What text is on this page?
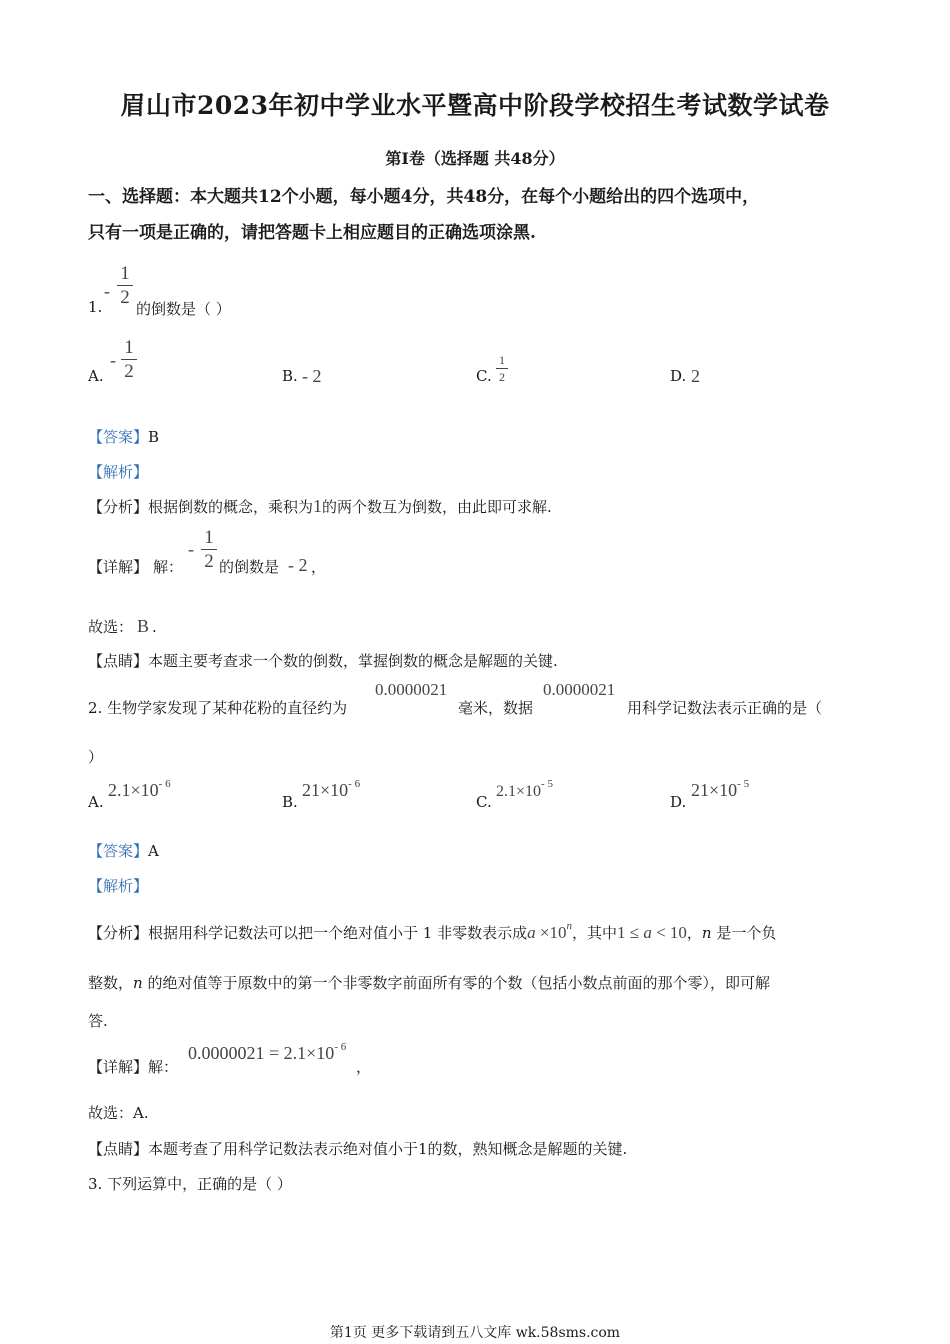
眉山市2023年初中学业水平暨高中阶段学校招生考试数学试卷
第I卷（选择题 共48分）
一、选择题：本大题共12个小题，每小题4分，共48分，在每个小题给出的四个选项中，
只有一项是正确的，请把答题卡上相应题目的正确选项涂黑.
1.
-
1
2
的倒数是（ ）
A.
-
1
2	B. - 2	C.
1
2	D. 2
【答案】B
【解析】
【分析】根据倒数的概念，乘积为1的两个数互为倒数，由此即可求解.
【详解】 解：
-
1
2 的倒数是 - 2 ，
故选： B .
【点睛】本题主要考查求一个数的倒数，掌握倒数的概念是解题的关键.
2. 生物学家发现了某种花粉的直径约为
0.0000021
毫米，数据
0.0000021
用科学记数法表示正确的是（
）
A.
$2.1\times 10^{- 6}$
B.
$21\times 10^{- 6}$
C.
$2.1\times 10^{- 5}$
D.
$21\times 10^{- 5}$
【答案】A
【解析】
【分析】根据用科学记数法可以把一个绝对值小于 1 非零数表示成$a \times 10^n$，其中1 ≤ a < 10，n 是一个负
整数，n 的绝对值等于原数中的第一个非零数字前面所有零的个数（包括小数点前面的那个零），即可解
答.
【详解】解：
$0.0000021 = 2.1\times 10^{- 6}$
，
故选：A.
【点睛】本题考查了用科学记数法表示绝对值小于1的数，熟知概念是解题的关键.
3. 下列运算中，正确的是（ ）
第1页 更多下载请到五八文库 wk.58sms.com
